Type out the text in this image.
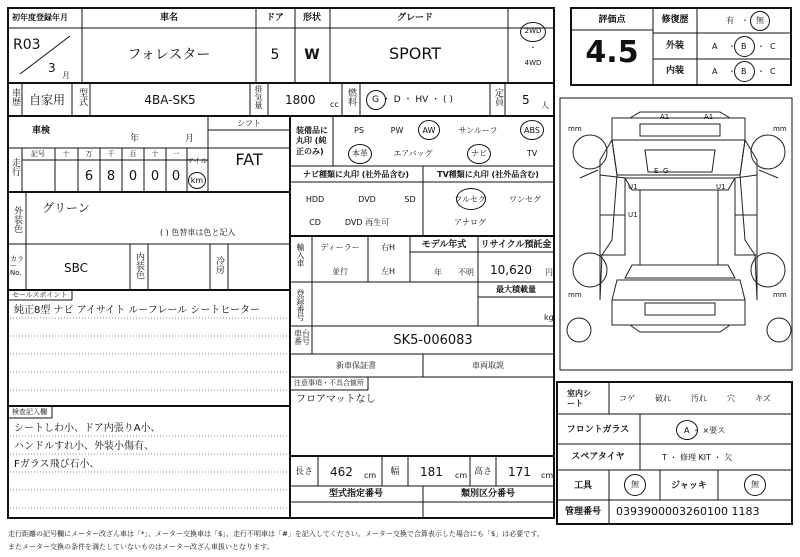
初年度登録年月	車名	ドア 形状	グレード
R03
3
月
フォレスター	5 W	SPORT
2WD
・
4WD
車歴 自家用 型式	4BA-SK5	排気量 1800 cc 燃料 G ・ D ・ HV ・ ( )	定員 5 人
車検
年	月
シフト
FAT
走行
記号	十 万 千 百 十 一
マイル
6 8 0 0 0 km
外装色 グリーン
( ) 色替車は色と記入
カラーNo.	SBC	内装色	冷房
セールスポイント
純正8型 ナビ アイサイト ルーフレール シートヒーター
検査記入欄
シートしわ小、ドア内張りA小、
ハンドルすれ小、外装小傷有、
Fガラス飛び石小、
装備品に丸印 (純正のみ)
PS	PW AW	サンルーフ	ABS
本革	エアバッグ	ナビ	TV
ナビ種類に丸印 (社外品含む)
HDD	DVD	SD
CD	DVD 再生可
TV種類に丸印 (社外品含む)
フルセグ	ワンセグ
アナログ
輸入車 ディーラー
並行
右H
左H
モデル年式
年 不明
リサイクル預託金
10,620 円
登録番号	最大積載量
kg
車台番号	SK5-006083
新車保証書	車両取説
注意事項・不具合箇所
フロアマットなし
長さ 462 cm 幅 181 cm 高さ 171 cm
型式指定番号	類別区分番号
評価点
4.5
修復歴	有 ・ 無
外装	A ・ B ・ C
内装	A ・ B ・ C
A1	A1
U1
U1
U1
E G
mm	mm
mm	mm
室内シート
コゲ	破れ	汚れ	穴	キズ
フロントガラス	A ・ ×要ス
スペアタイヤ	T ・ 修理 KIT ・ 欠
工具	無	ジャッキ	無
管理番号 0393900003260100 1183
走行距離の記号欄にメーター改ざん車は「*」、メーター交換車は「$」、走行不明車は「#」を記入してください。メーター交換で合算表示した場合にも「$」は必要です。
またメーター交換の条件を満たしていないものはメーター改ざん車扱いとなります。
